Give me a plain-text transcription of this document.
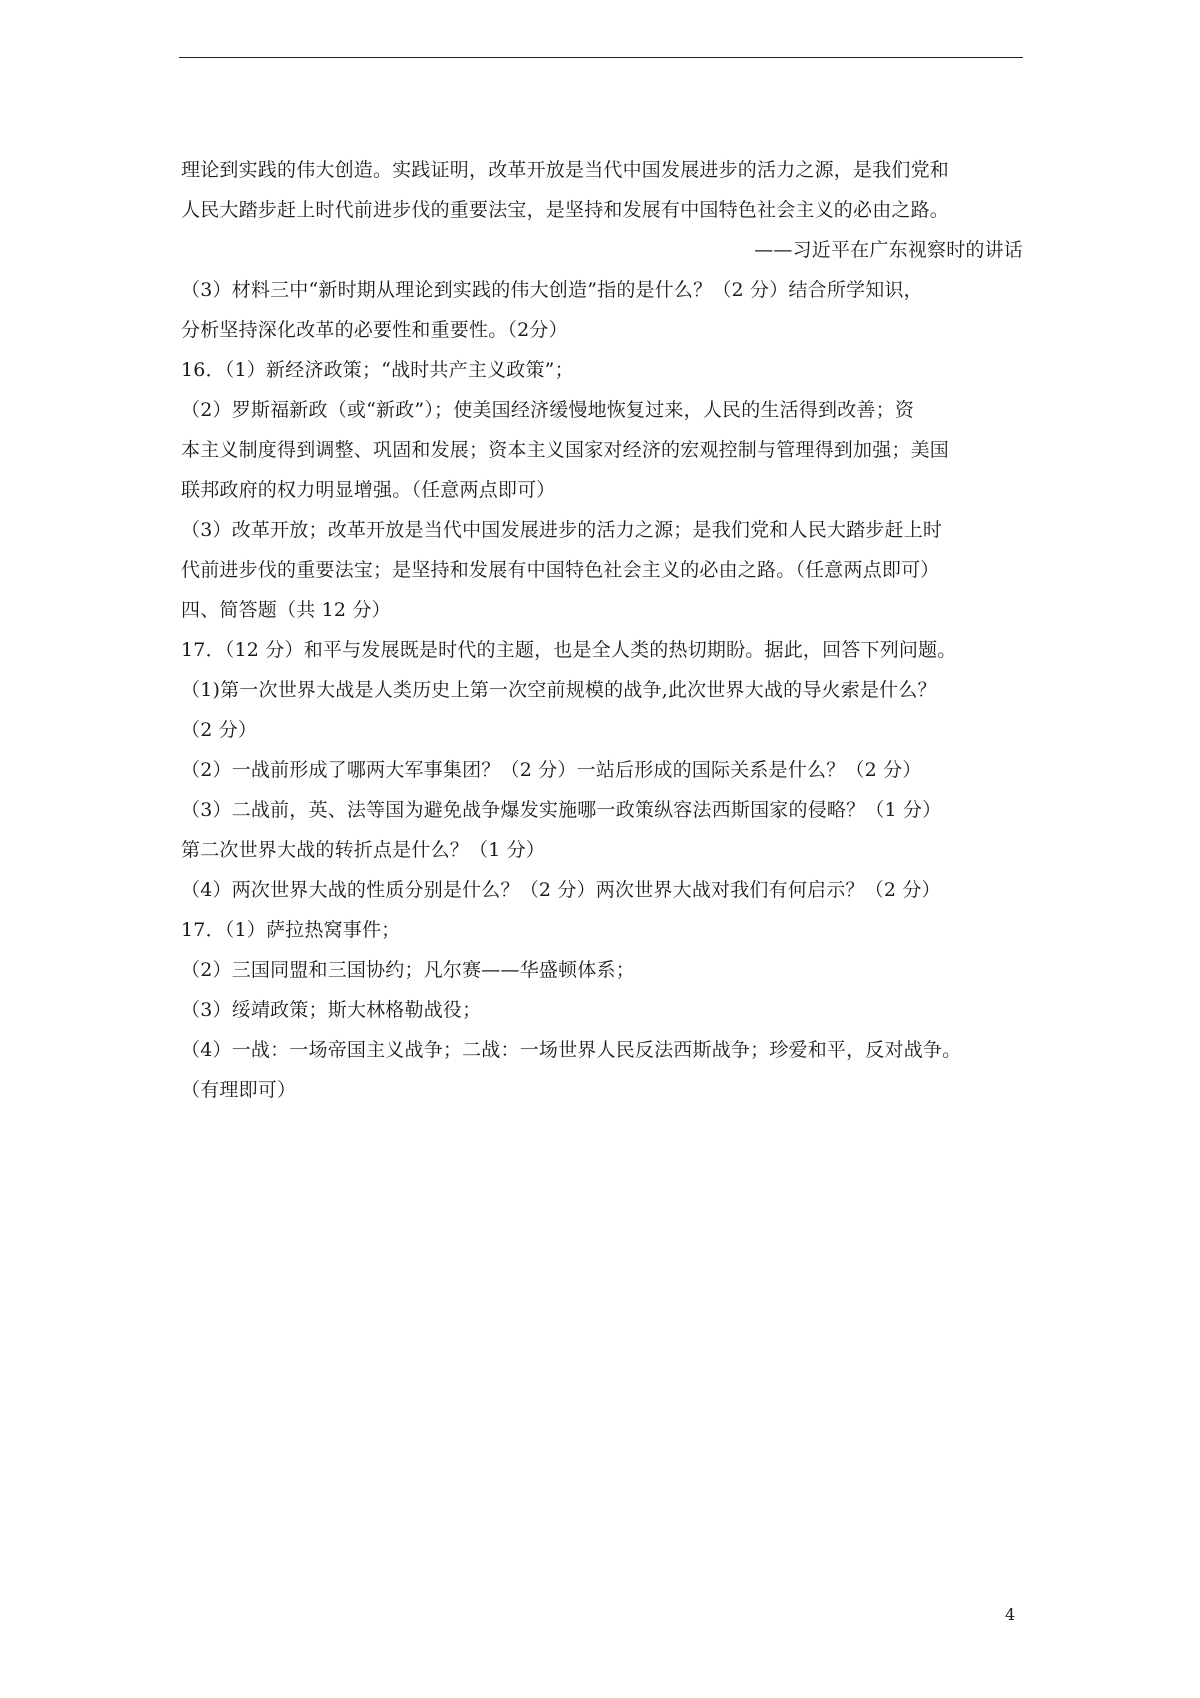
理论到实践的伟大创造。实践证明，改革开放是当代中国发展进步的活力之源，是我们党和
人民大踏步赶上时代前进步伐的重要法宝，是坚持和发展有中国特色社会主义的必由之路。
——习近平在广东视察时的讲话
（3）材料三中“新时期从理论到实践的伟大创造”指的是什么？（2 分）结合所学知识，
分析坚持深化改革的必要性和重要性。（2分）
16．（1）新经济政策；“战时共产主义政策”；
（2）罗斯福新政（或“新政”）；使美国经济缓慢地恢复过来，人民的生活得到改善；资
本主义制度得到调整、巩固和发展；资本主义国家对经济的宏观控制与管理得到加强；美国
联邦政府的权力明显增强。（任意两点即可）
（3）改革开放；改革开放是当代中国发展进步的活力之源；是我们党和人民大踏步赶上时
代前进步伐的重要法宝；是坚持和发展有中国特色社会主义的必由之路。（任意两点即可）
四、简答题（共 12 分）
17．（12 分）和平与发展既是时代的主题，也是全人类的热切期盼。据此，回答下列问题。
（1)第一次世界大战是人类历史上第一次空前规模的战争,此次世界大战的导火索是什么？
（2 分）
（2）一战前形成了哪两大军事集团？（2 分）一站后形成的国际关系是什么？（2 分）
（3）二战前，英、法等国为避免战争爆发实施哪一政策纵容法西斯国家的侵略？（1 分）
第二次世界大战的转折点是什么？（1 分）
（4）两次世界大战的性质分别是什么？（2 分）两次世界大战对我们有何启示？（2 分）
17．（1）萨拉热窝事件；
（2）三国同盟和三国协约；凡尔赛——华盛顿体系；
（3）绥靖政策；斯大林格勒战役；
（4）一战：一场帝国主义战争；二战：一场世界人民反法西斯战争；珍爱和平，反对战争。
（有理即可）
4
